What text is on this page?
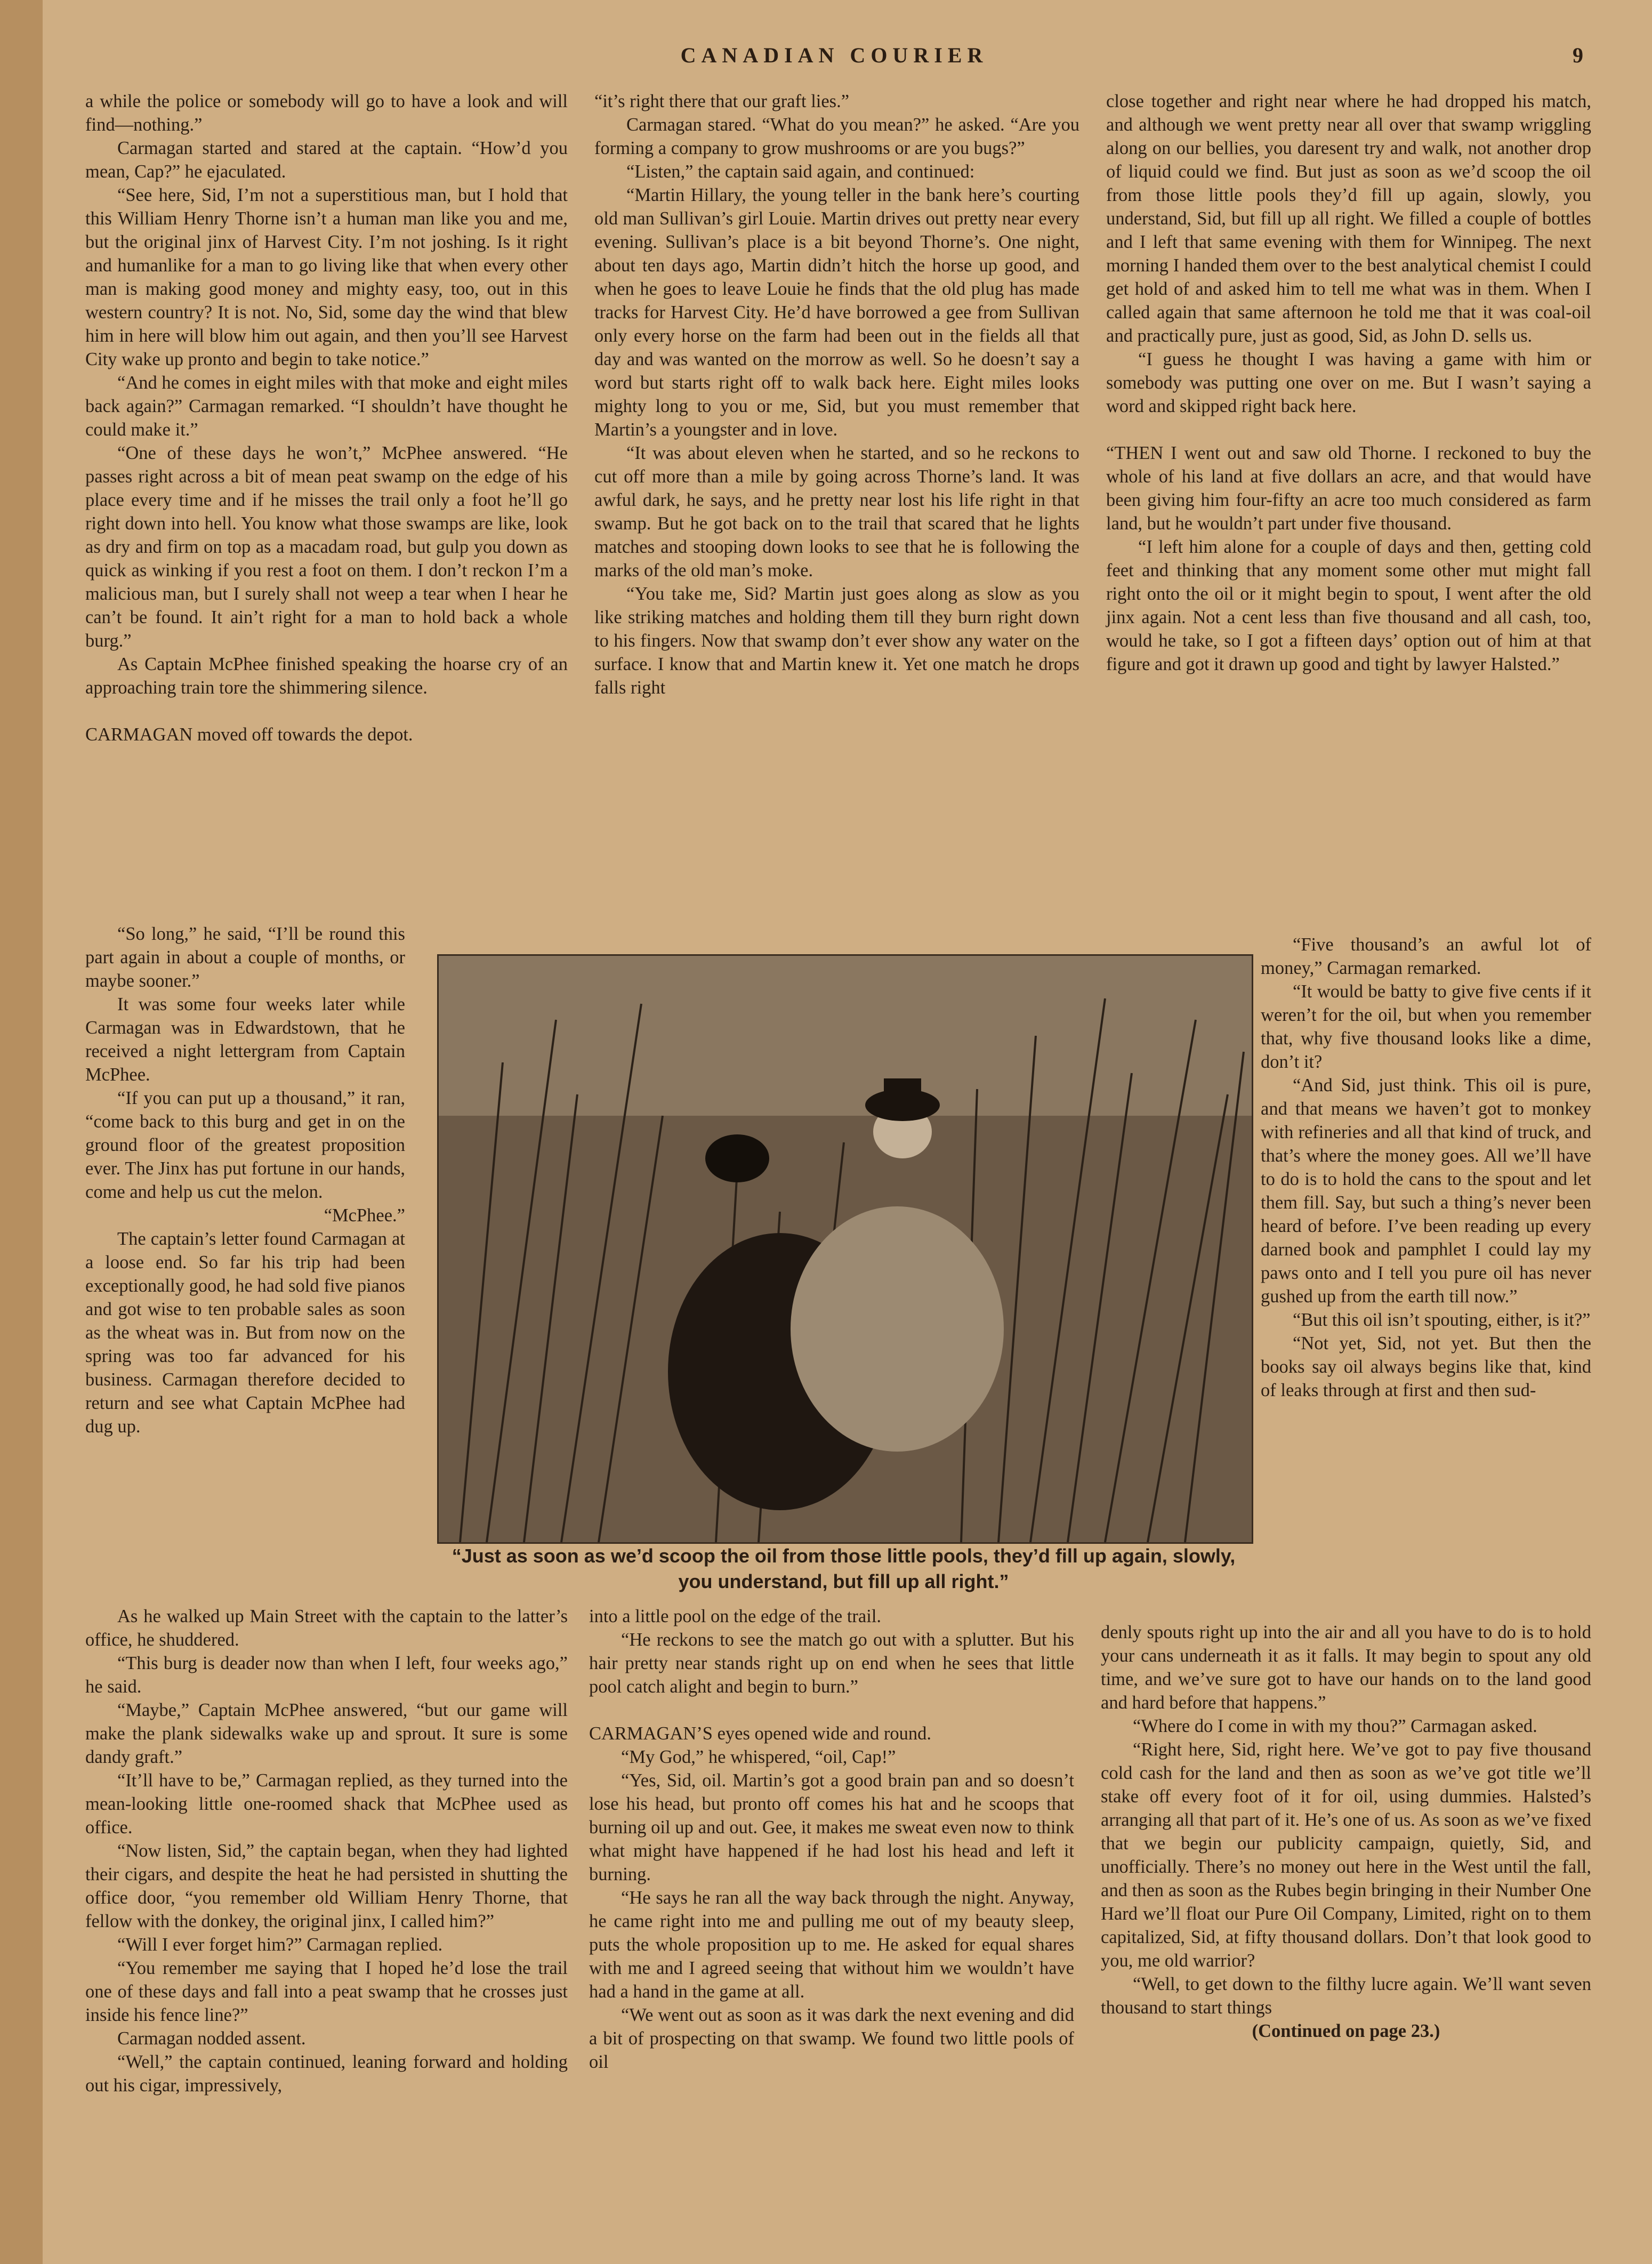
CANADIAN COURIER	9

a while the police or somebody will go to have a look and will find—nothing.”

Carmagan started and stared at the captain. “How’d you mean, Cap?” he ejaculated.

“See here, Sid, I’m not a superstitious man, but I hold that this William Henry Thorne isn’t a human man like you and me, but the original jinx of Harvest City. I’m not joshing. Is it right and humanlike for a man to go living like that when every other man is making good money and mighty easy, too, out in this western country? It is not. No, Sid, some day the wind that blew him in here will blow him out again, and then you’ll see Harvest City wake up pronto and begin to take notice.”

“And he comes in eight miles with that moke and eight miles back again?” Carmagan remarked. “I shouldn’t have thought he could make it.”

“One of these days he won’t,” McPhee answered. “He passes right across a bit of mean peat swamp on the edge of his place every time and if he misses the trail only a foot he’ll go right down into hell. You know what those swamps are like, look as dry and firm on top as a macadam road, but gulp you down as quick as winking if you rest a foot on them. I don’t reckon I’m a malicious man, but I surely shall not weep a tear when I hear he can’t be found. It ain’t right for a man to hold back a whole burg.”

As Captain McPhee finished speaking the hoarse cry of an approaching train tore the shimmering silence.

CARMAGAN moved off towards the depot.

“So long,” he said, “I’ll be round this part again in about a couple of months, or maybe sooner.”

It was some four weeks later while Carmagan was in Edwardstown, that he received a night lettergram from Captain McPhee.

“If you can put up a thousand,” it ran, “come back to this burg and get in on the ground floor of the greatest proposition ever. The Jinx has put fortune in our hands, come and help us cut the melon.

“McPhee.”

The captain’s letter found Carmagan at a loose end. So far his trip had been exceptionally good, he had sold five pianos and got wise to ten probable sales as soon as the wheat was in. But from now on the spring was too far advanced for his business. Carmagan therefore decided to return and see what Captain McPhee had dug up.

As he walked up Main Street with the captain to the latter’s office, he shuddered.

“This burg is deader now than when I left, four weeks ago,” he said.

“Maybe,” Captain McPhee answered, “but our game will make the plank sidewalks wake up and sprout. It sure is some dandy graft.”

“It’ll have to be,” Carmagan replied, as they turned into the mean-looking little one-roomed shack that McPhee used as office.

“Now listen, Sid,” the captain began, when they had lighted their cigars, and despite the heat he had persisted in shutting the office door, “you remember old William Henry Thorne, that fellow with the donkey, the original jinx, I called him?”

“Will I ever forget him?” Carmagan replied.

“You remember me saying that I hoped he’d lose the trail one of these days and fall into a peat swamp that he crosses just inside his fence line?”

Carmagan nodded assent.

“Well,” the captain continued, leaning forward and holding out his cigar, impressively,

“it’s right there that our graft lies.”

Carmagan stared. “What do you mean?” he asked. “Are you forming a company to grow mushrooms or are you bugs?”

“Listen,” the captain said again, and continued:

“Martin Hillary, the young teller in the bank here’s courting old man Sullivan’s girl Louie. Martin drives out pretty near every evening. Sullivan’s place is a bit beyond Thorne’s. One night, about ten days ago, Martin didn’t hitch the horse up good, and when he goes to leave Louie he finds that the old plug has made tracks for Harvest City. He’d have borrowed a gee from Sullivan only every horse on the farm had been out in the fields all that day and was wanted on the morrow as well. So he doesn’t say a word but starts right off to walk back here. Eight miles looks mighty long to you or me, Sid, but you must remember that Martin’s a youngster and in love.

“It was about eleven when he started, and so he reckons to cut off more than a mile by going across Thorne’s land. It was awful dark, he says, and he pretty near lost his life right in that swamp. But he got back on to the trail that scared that he lights matches and stooping down looks to see that he is following the marks of the old man’s moke.

“You take me, Sid? Martin just goes along as slow as you like striking matches and holding them till they burn right down to his fingers. Now that swamp don’t ever show any water on the surface. I know that and Martin knew it. Yet one match he drops falls right

into a little pool on the edge of the trail.

“He reckons to see the match go out with a splutter. But his hair pretty near stands right up on end when he sees that little pool catch alight and begin to burn.”

CARMAGAN’S eyes opened wide and round.

“My God,” he whispered, “oil, Cap!”

“Yes, Sid, oil. Martin’s got a good brain pan and so doesn’t lose his head, but pronto off comes his hat and he scoops that burning oil up and out. Gee, it makes me sweat even now to think what might have happened if he had lost his head and left it burning.

“He says he ran all the way back through the night. Anyway, he came right into me and pulling me out of my beauty sleep, puts the whole proposition up to me. He asked for equal shares with me and I agreed seeing that without him we wouldn’t have had a hand in the game at all.

“We went out as soon as it was dark the next evening and did a bit of prospecting on that swamp. We found two little pools of oil

close together and right near where he had dropped his match, and although we went pretty near all over that swamp wriggling along on our bellies, you daresent try and walk, not another drop of liquid could we find. But just as soon as we’d scoop the oil from those little pools they’d fill up again, slowly, you understand, Sid, but fill up all right. We filled a couple of bottles and I left that same evening with them for Winnipeg. The next morning I handed them over to the best analytical chemist I could get hold of and asked him to tell me what was in them. When I called again that same afternoon he told me that it was coal-oil and practically pure, just as good, Sid, as John D. sells us.

“I guess he thought I was having a game with him or somebody was putting one over on me. But I wasn’t saying a word and skipped right back here.

“THEN I went out and saw old Thorne. I reckoned to buy the whole of his land at five dollars an acre, and that would have been giving him four-fifty an acre too much considered as farm land, but he wouldn’t part under five thousand.

“I left him alone for a couple of days and then, getting cold feet and thinking that any moment some other mut might fall right onto the oil or it might begin to spout, I went after the old jinx again. Not a cent less than five thousand and all cash, too, would he take, so I got a fifteen days’ option out of him at that figure and got it drawn up good and tight by lawyer Halsted.”

“Five thousand’s an awful lot of money,” Carmagan remarked.

“It would be batty to give five cents if it weren’t for the oil, but when you remember that, why five thousand looks like a dime, don’t it?

“And Sid, just think. This oil is pure, and that means we haven’t got to monkey with refineries and all that kind of truck, and that’s where the money goes. All we’ll have to do is to hold the cans to the spout and let them fill. Say, but such a thing’s never been heard of before. I’ve been reading up every darned book and pamphlet I could lay my paws onto and I tell you pure oil has never gushed up from the earth till now.”

“But this oil isn’t spouting, either, is it?”

“Not yet, Sid, not yet. But then the books say oil always begins like that, kind of leaks through at first and then sud-

denly spouts right up into the air and all you have to do is to hold your cans underneath it as it falls. It may begin to spout any old time, and we’ve sure got to have our hands on to the land good and hard before that happens.”

“Where do I come in with my thou?” Carmagan asked.

“Right here, Sid, right here. We’ve got to pay five thousand cold cash for the land and then as soon as we’ve got title we’ll stake off every foot of it for oil, using dummies. Halsted’s arranging all that part of it. He’s one of us. As soon as we’ve fixed that we begin our publicity campaign, quietly, Sid, and unofficially. There’s no money out here in the West until the fall, and then as soon as the Rubes begin bringing in their Number One Hard we’ll float our Pure Oil Company, Limited, right on to them capitalized, Sid, at fifty thousand dollars. Don’t that look good to you, me old warrior?

“Well, to get down to the filthy lucre again. We’ll want seven thousand to start things

(Continued on page 23.)

“Just as soon as we’d scoop the oil from those little pools, they’d fill up again, slowly, you understand, but fill up all right.”
